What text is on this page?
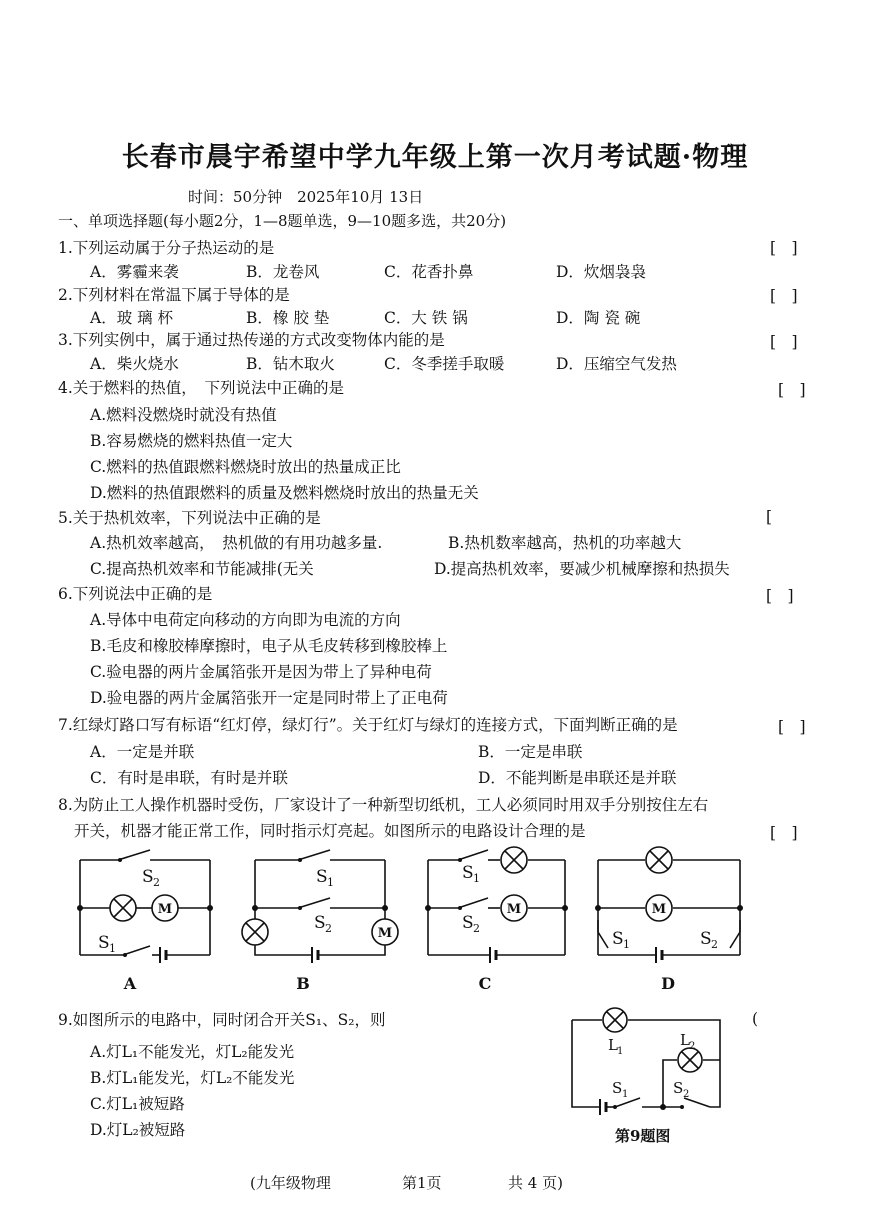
长春市晨宇希望中学九年级上第一次月考试题·物理
时间：50分钟　2025年10月 13日
一、单项选择题(每小题2分，1—8题单选，9—10题多选，共20分)
1.下列运动属于分子热运动的是	[　]
A．雾霾来袭	B．龙卷风	C．花香扑鼻	D．炊烟袅袅
2.下列材料在常温下属于导体的是	[　]
A．玻 璃 杯	B．橡 胶 垫	C．大 铁 锅	D．陶 瓷 碗
3.下列实例中，属于通过热传递的方式改变物体内能的是	[　]
A．柴火烧水	B．钻木取火	C．冬季搓手取暖	D．压缩空气发热
4.关于燃料的热值，　下列说法中正确的是	[　]
A.燃料没燃烧时就没有热值
B.容易燃烧的燃料热值一定大
C.燃料的热值跟燃料燃烧时放出的热量成正比
D.燃料的热值跟燃料的质量及燃料燃烧时放出的热量无关
5.关于热机效率，下列说法中正确的是	[
A.热机效率越高，　热机做的有用功越多量.	B.热机数率越高，热机的功率越大
C.提高热机效率和节能减排(无关	D.提高热机效率，要减少机械摩擦和热损失
6.下列说法中正确的是	[　]
A.导体中电荷定向移动的方向即为电流的方向
B.毛皮和橡胶棒摩擦时，电子从毛皮转移到橡胶棒上
C.验电器的两片金属箔张开是因为带上了异种电荷
D.验电器的两片金属箔张开一定是同时带上了正电荷
7.红绿灯路口写有标语“红灯停，绿灯行”。关于红灯与绿灯的连接方式，下面判断正确的是	[　]
A．一定是并联	B．一定是串联
C．有时是串联，有时是并联	D．不能判断是串联还是并联
8.为防止工人操作机器时受伤，厂家设计了一种新型切纸机，工人必须同时用双手分别按住左右
开关，机器才能正常工作，同时指示灯亮起。如图所示的电路设计合理的是	[　]
M
M
M	M
S 2
S 1
S 1
S 2
S 1
S 2
S 1	S 2
A	B	C	D
9.如图所示的电路中，同时闭合开关S₁、S₂，则	(
A.灯L₁不能发光，灯L₂能发光
B.灯L₁能发光，灯L₂不能发光
C.灯L₁被短路
D.灯L₂被短路
L 1
L 2
S 1	S 2
第9题图
(九年级物理	第1页	共 4 页)
